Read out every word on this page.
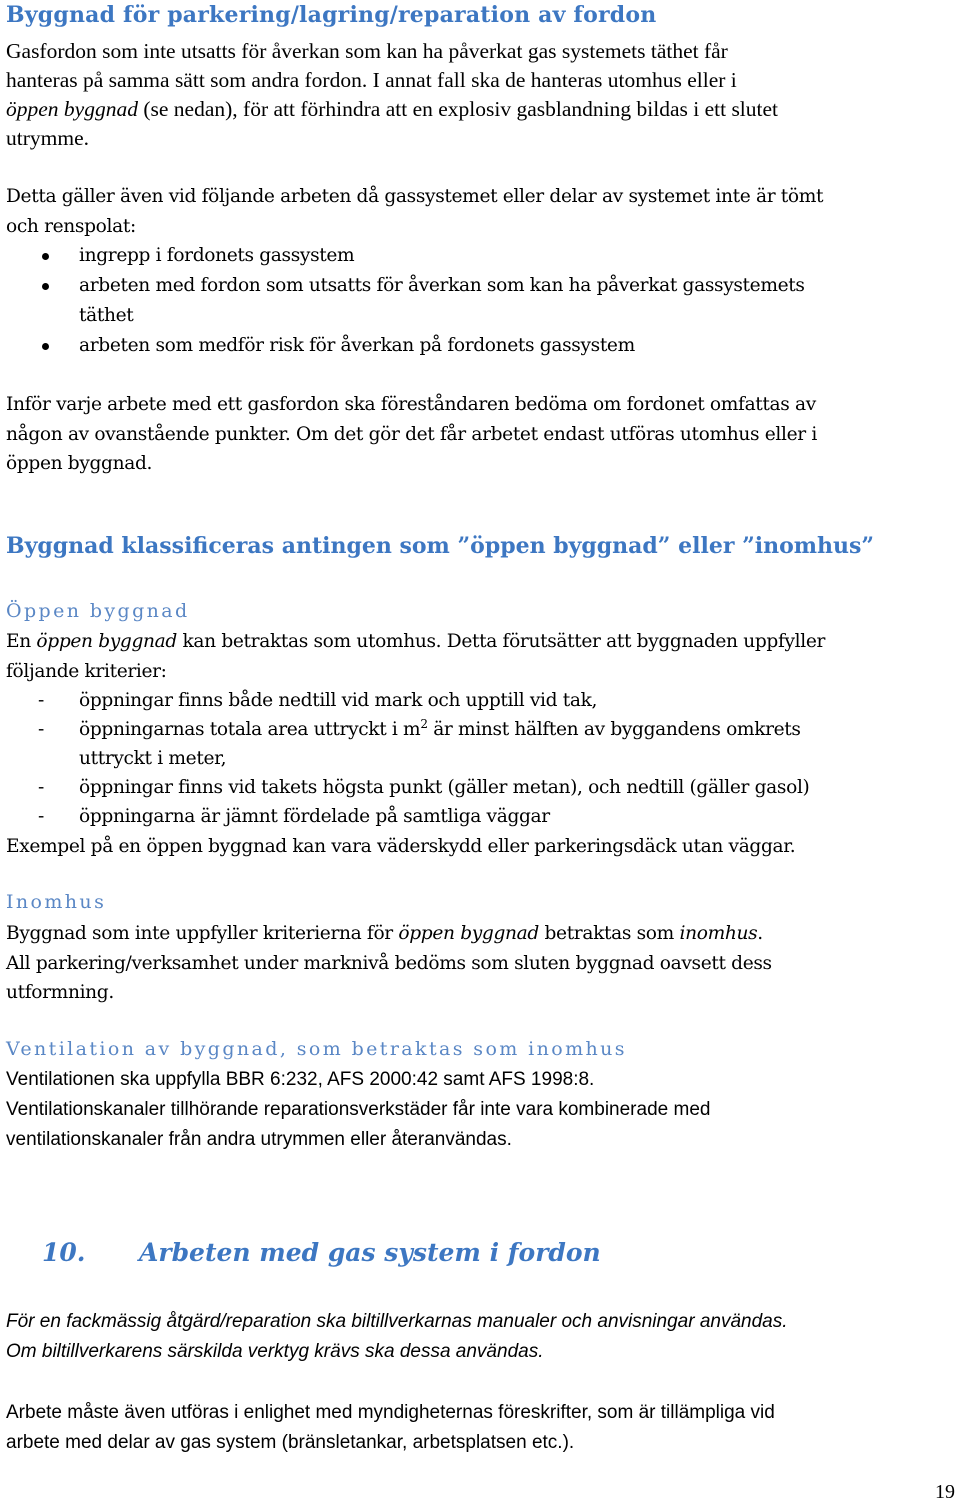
Byggnad för parkering/lagring/reparation av fordon
Gasfordon som inte utsatts för åverkan som kan ha påverkat gas systemets täthet får
hanteras på samma sätt som andra fordon. I annat fall ska de hanteras utomhus eller i
öppen byggnad (se nedan), för att förhindra att en explosiv gasblandning bildas i ett slutet
utrymme.
Detta gäller även vid följande arbeten då gassystemet eller delar av systemet inte är tömt
och renspolat:
ingrepp i fordonets gassystem
arbeten med fordon som utsatts för åverkan som kan ha påverkat gassystemets
täthet
arbeten som medför risk för åverkan på fordonets gassystem
Inför varje arbete med ett gasfordon ska föreståndaren bedöma om fordonet omfattas av
någon av ovanstående punkter. Om det gör det får arbetet endast utföras utomhus eller i
öppen byggnad.
Byggnad klassificeras antingen som ”öppen byggnad” eller ”inomhus”
Öppen byggnad
En öppen byggnad kan betraktas som utomhus. Detta förutsätter att byggnaden uppfyller
följande kriterier:
- öppningar finns både nedtill vid mark och upptill vid tak,
- öppningarnas totala area uttryckt i $m^2$ är minst hälften av byggandens omkrets
uttryckt i meter,
- öppningar finns vid takets högsta punkt (gäller metan), och nedtill (gäller gasol)
- öppningarna är jämnt fördelade på samtliga väggar
Exempel på en öppen byggnad kan vara väderskydd eller parkeringsdäck utan väggar.
Inomhus
Byggnad som inte uppfyller kriterierna för öppen byggnad betraktas som inomhus.
All parkering/verksamhet under marknivå bedöms som sluten byggnad oavsett dess
utformning.
Ventilation av byggnad, som betraktas som inomhus
Ventilationen ska uppfylla BBR 6:232, AFS 2000:42 samt AFS 1998:8.
Ventilationskanaler tillhörande reparationsverkstäder får inte vara kombinerade med
ventilationskanaler från andra utrymmen eller återanvändas.
10. Arbeten med gas system i fordon
För en fackmässig åtgärd/reparation ska biltillverkarnas manualer och anvisningar användas.
Om biltillverkarens särskilda verktyg krävs ska dessa användas.
Arbete måste även utföras i enlighet med myndigheternas föreskrifter, som är tillämpliga vid
arbete med delar av gas system (bränsletankar, arbetsplatsen etc.).
19
